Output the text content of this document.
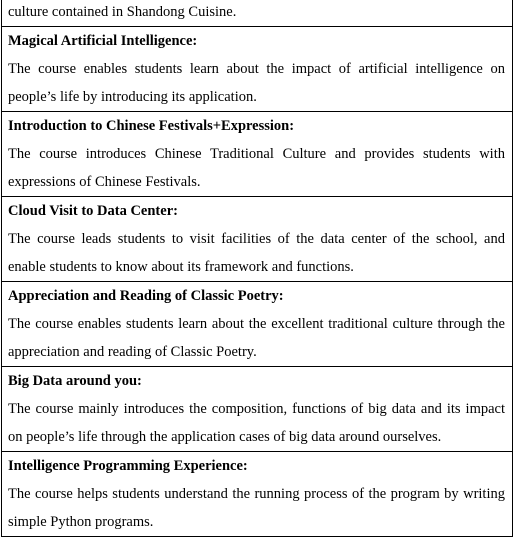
culture contained in Shandong Cuisine.

Magical Artificial Intelligence:
The course enables students learn about the impact of artificial intelligence on people’s life by introducing its application.

Introduction to Chinese Festivals+Expression:
The course introduces Chinese Traditional Culture and provides students with expressions of Chinese Festivals.

Cloud Visit to Data Center:
The course leads students to visit facilities of the data center of the school, and enable students to know about its framework and functions.

Appreciation and Reading of Classic Poetry:
The course enables students learn about the excellent traditional culture through the appreciation and reading of Classic Poetry.

Big Data around you:
The course mainly introduces the composition, functions of big data and its impact on people’s life through the application cases of big data around ourselves.

Intelligence Programming Experience:
The course helps students understand the running process of the program by writing simple Python programs.
